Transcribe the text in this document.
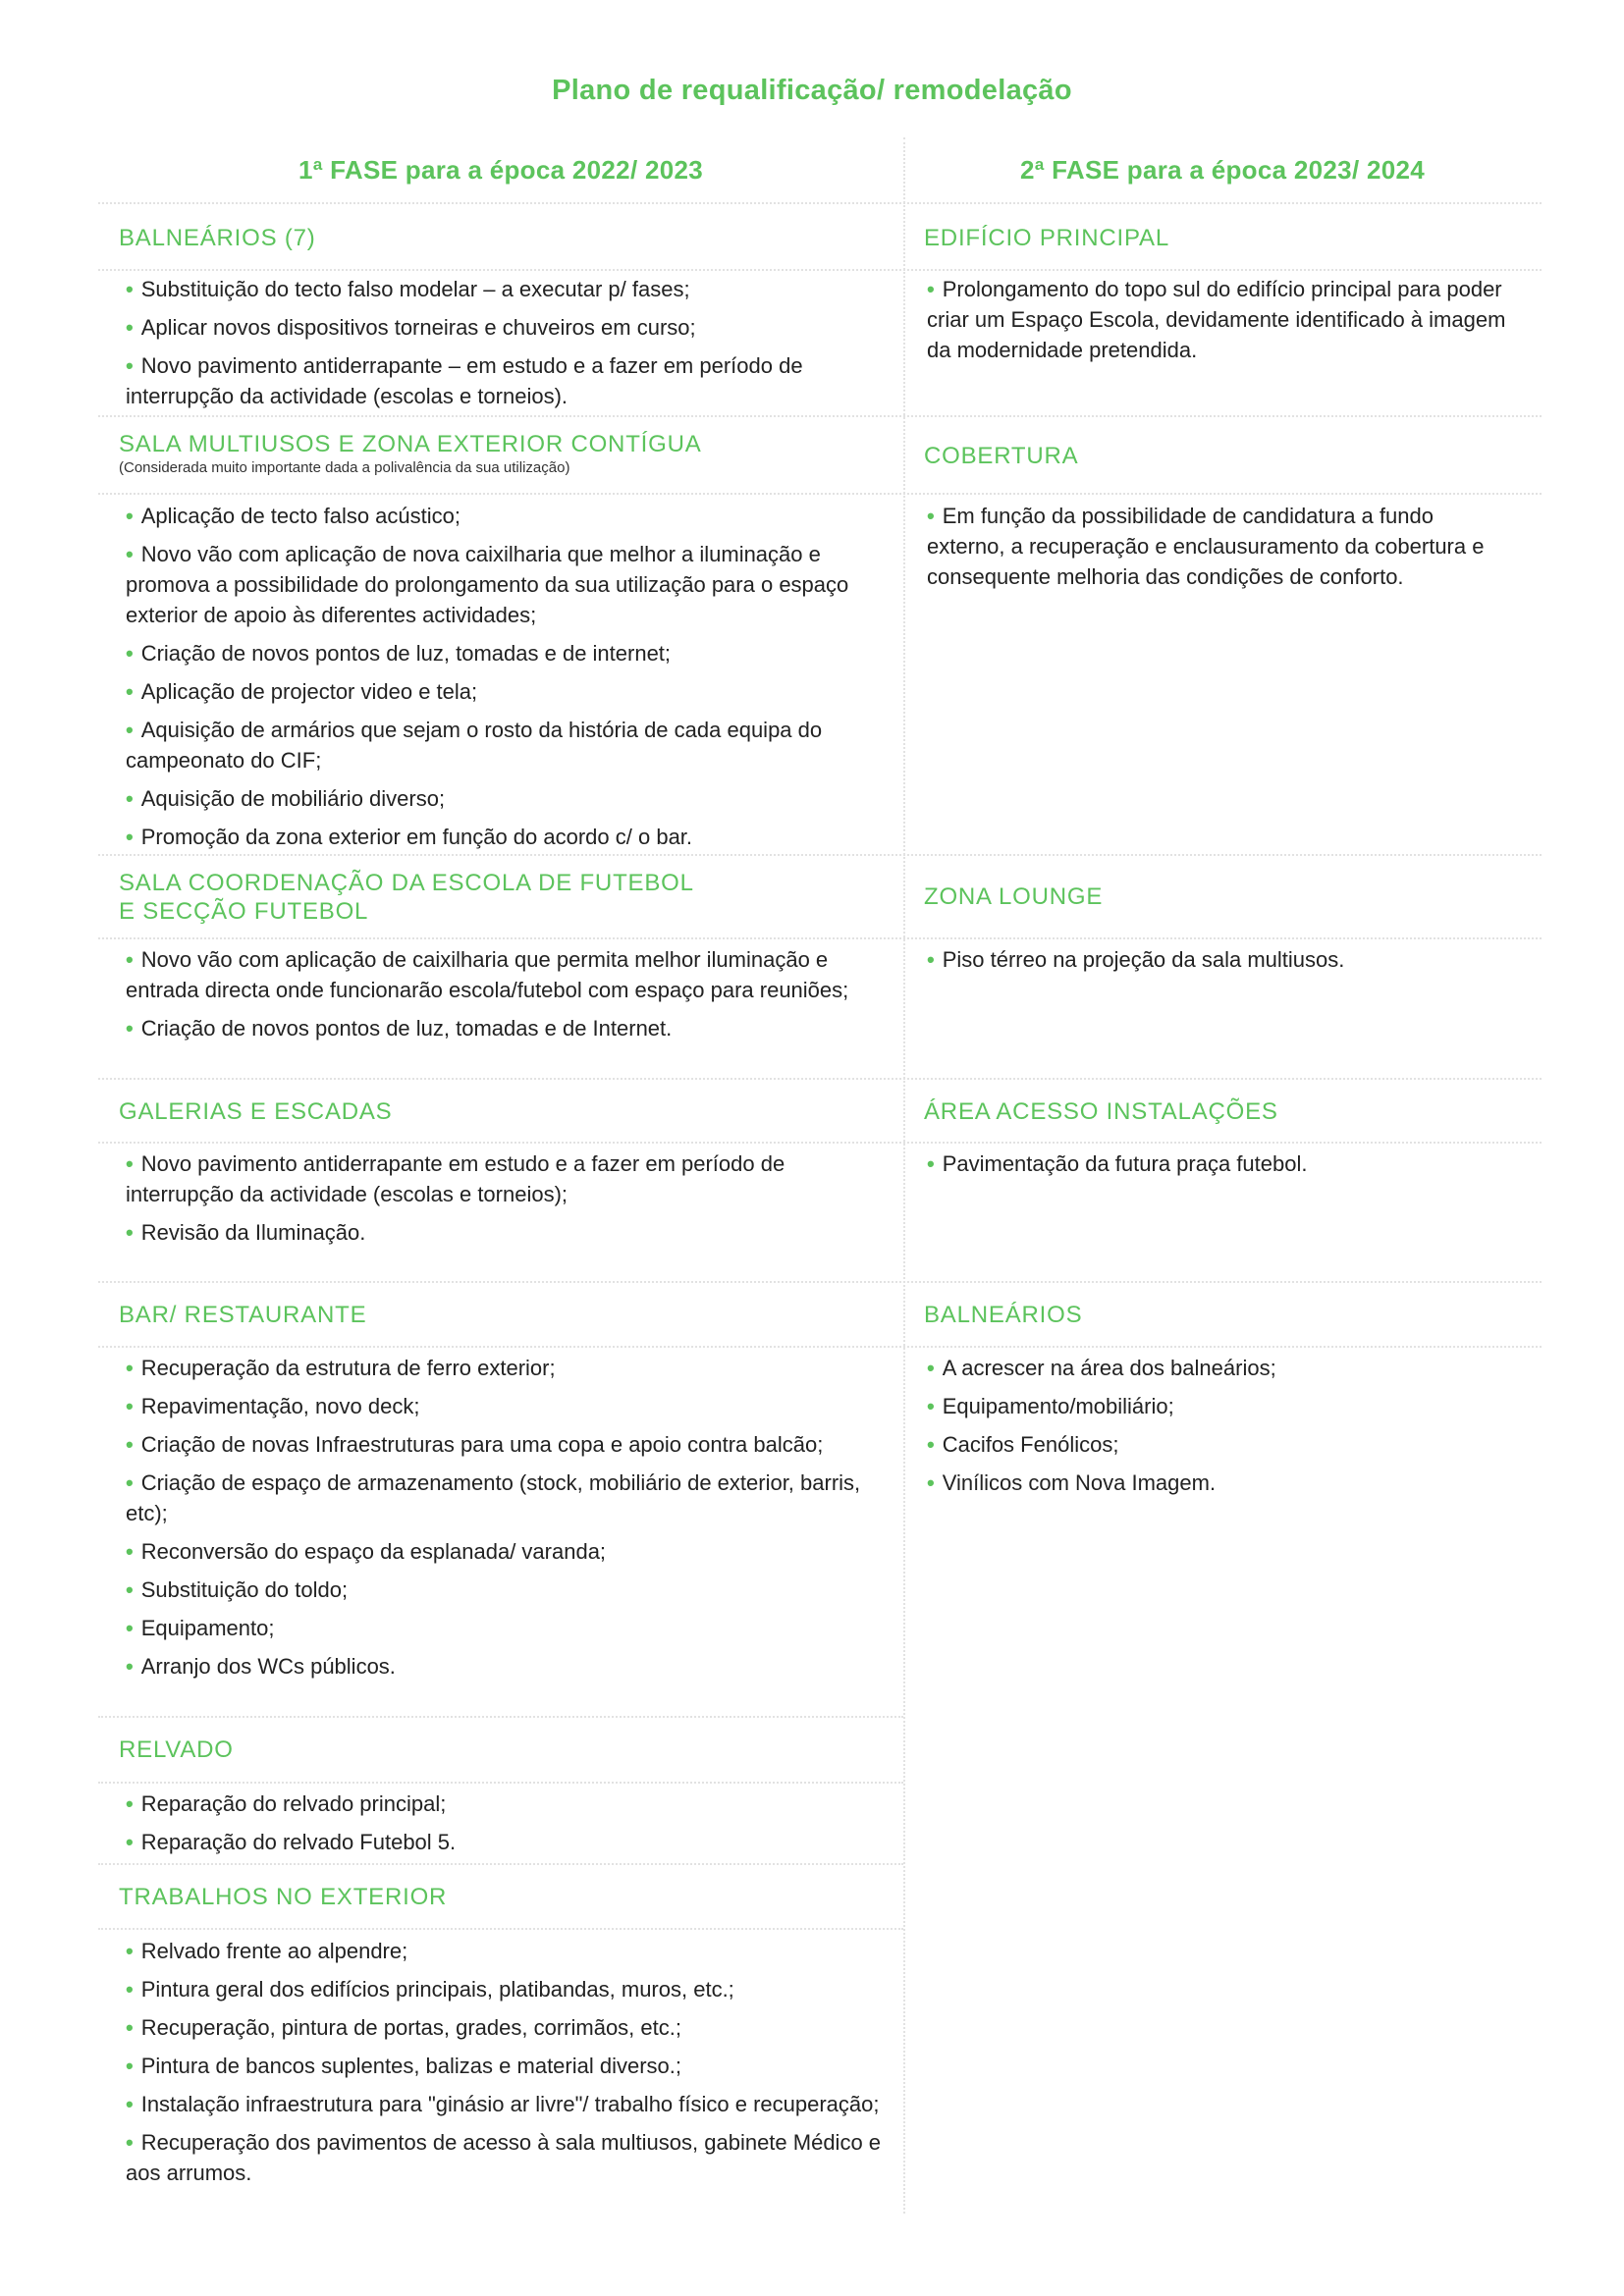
Plano de requalificação/ remodelação
1ª FASE para a época 2022/ 2023	2ª FASE para a época 2023/ 2024
BALNEÁRIOS (7)
• Substituição do tecto falso modelar – a executar p/ fases;
• Aplicar novos dispositivos torneiras e chuveiros em curso;
• Novo pavimento antiderrapante – em estudo e a fazer em período de interrupção da actividade (escolas e torneios).
SALA MULTIUSOS E ZONA EXTERIOR CONTÍGUA
(Considerada muito importante dada a polivalência da sua utilização)
• Aplicação de tecto falso acústico;
• Novo vão com aplicação de nova caixilharia que melhor a iluminação e promova a possibilidade do prolongamento da sua utilização para o espaço exterior de apoio às diferentes actividades;
• Criação de novos pontos de luz, tomadas e de internet;
• Aplicação de projector video e tela;
• Aquisição de armários que sejam o rosto da história de cada equipa do campeonato do CIF;
• Aquisição de mobiliário diverso;
• Promoção da zona exterior em função do acordo c/ o bar.
SALA COORDENAÇÃO DA ESCOLA DE FUTEBOL E SECÇÃO FUTEBOL
• Novo vão com aplicação de caixilharia que permita melhor iluminação e entrada directa onde funcionarão escola/futebol com espaço para reuniões;
• Criação de novos pontos de luz, tomadas e de Internet.
GALERIAS E ESCADAS
• Novo pavimento antiderrapante em estudo e a fazer em período de interrupção da actividade (escolas e torneios);
• Revisão da Iluminação.
BAR/ RESTAURANTE
• Recuperação da estrutura de ferro exterior;
• Repavimentação, novo deck;
• Criação de novas Infraestruturas para uma copa e apoio contra balcão;
• Criação de espaço de armazenamento (stock, mobiliário de exterior, barris, etc);
• Reconversão do espaço da esplanada/ varanda;
• Substituição do toldo;
• Equipamento;
• Arranjo dos WCs públicos.
RELVADO
• Reparação do relvado principal;
• Reparação do relvado Futebol 5.
TRABALHOS NO EXTERIOR
• Relvado frente ao alpendre;
• Pintura geral dos edifícios principais, platibandas, muros, etc.;
• Recuperação, pintura de portas, grades, corrimãos, etc.;
• Pintura de bancos suplentes, balizas e material diverso.;
• Instalação infraestrutura para "ginásio ar livre"/ trabalho físico e recuperação;
• Recuperação dos pavimentos de acesso à sala multiusos, gabinete Médico e aos arrumos.
EDIFÍCIO PRINCIPAL
• Prolongamento do topo sul do edifício principal para poder criar um Espaço Escola, devidamente identificado à imagem da modernidade pretendida.
COBERTURA
• Em função da possibilidade de candidatura a fundo externo, a recuperação e enclausuramento da cobertura e consequente melhoria das condições de conforto.
ZONA LOUNGE
• Piso térreo na projeção da sala multiusos.
ÁREA ACESSO INSTALAÇÕES
• Pavimentação da futura praça futebol.
BALNEÁRIOS
• A acrescer na área dos balneários;
• Equipamento/mobiliário;
• Cacifos Fenólicos;
• Vinílicos com Nova Imagem.
